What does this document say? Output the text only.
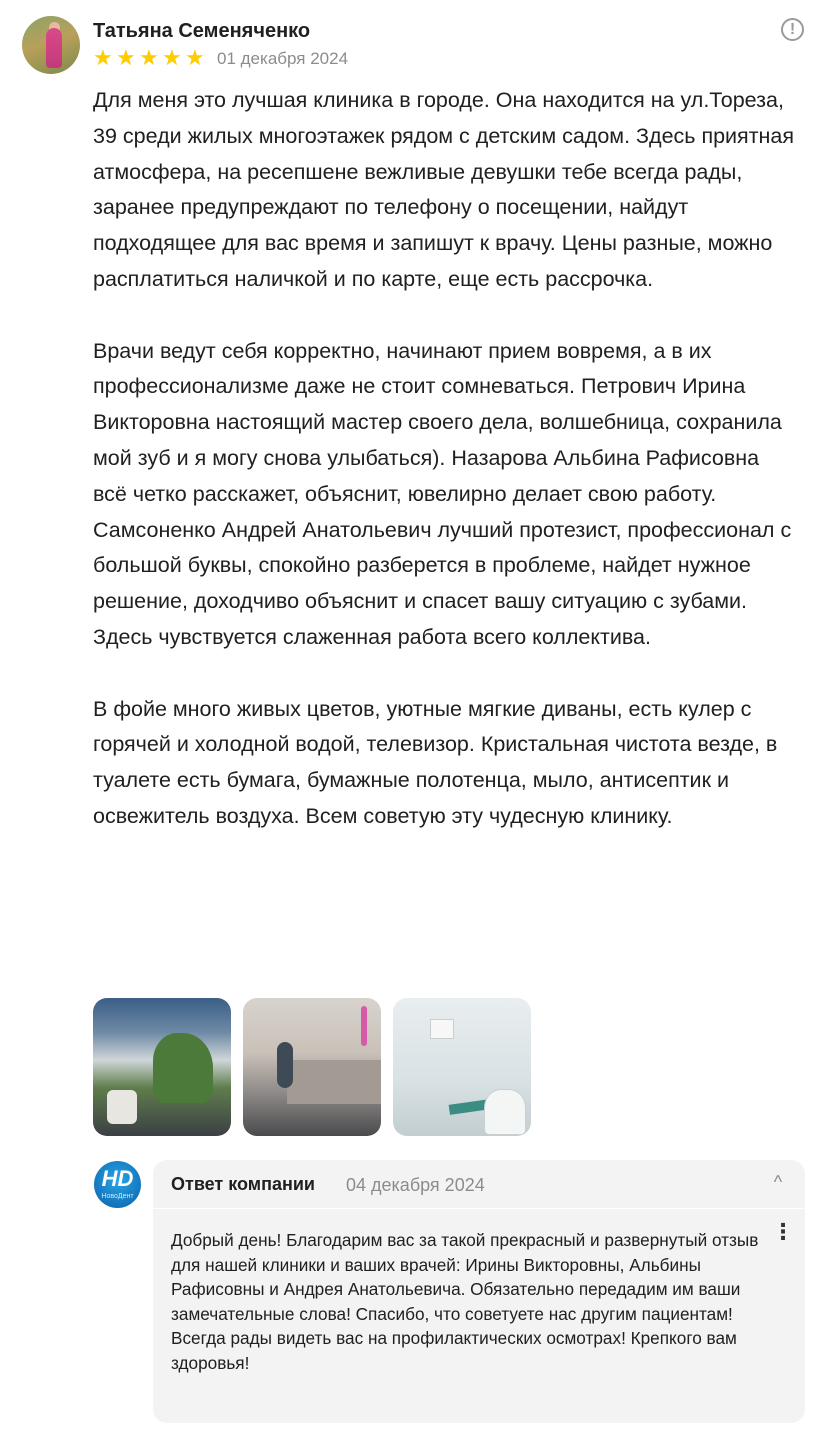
Татьяна Семеняченко
★ ★ ★ ★ ★ 01 декабря 2024
!

Для меня это лучшая клиника в городе. Она находится на ул.Тореза, 39 среди жилых многоэтажек рядом с детским садом. Здесь приятная атмосфера, на ресепшене вежливые девушки тебе всегда рады, заранее предупреждают по телефону о посещении, найдут подходящее для вас время и запишут к врачу. Цены разные, можно расплатиться наличкой и по карте, еще есть рассрочка.

Врачи ведут себя корректно, начинают прием вовремя, а в их профессионализме даже не стоит сомневаться. Петрович Ирина Викторовна настоящий мастер своего дела, волшебница, сохранила мой зуб и я могу снова улыбаться). Назарова Альбина Рафисовна всё четко расскажет, объяснит, ювелирно делает свою работу. Самсоненко Андрей Анатольевич лучший протезист, профессионал с большой буквы, спокойно разберется в проблеме, найдет нужное решение, доходчиво объяснит и спасет вашу ситуацию с зубами. Здесь чувствуется слаженная работа всего коллектива.

В фойе много живых цветов, уютные мягкие диваны, есть кулер с горячей и холодной водой, телевизор. Кристальная чистота везде, в туалете есть бумага, бумажные полотенца, мыло, антисептик и освежитель воздуха. Всем советую эту чудесную клинику.

HD
НовоДент
Ответ компании 04 декабря 2024	^
Добрый день! Благодарим вас за такой прекрасный и развернутый отзыв для нашей клиники и ваших врачей: Ирины Викторовны, Альбины Рафисовны и Андрея Анатольевича. Обязательно передадим им ваши замечательные слова! Спасибо, что советуете нас другим пациентам! Всегда рады видеть вас на профилактических осмотрах! Крепкого вам здоровья!
⋮
